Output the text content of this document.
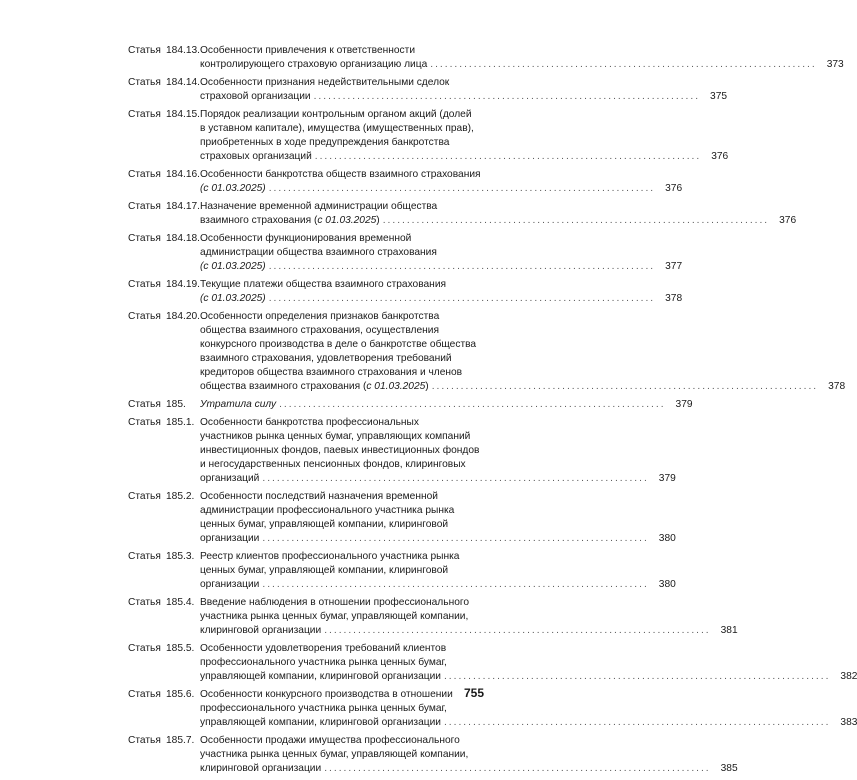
Статья 184.13. Особенности привлечения к ответственности
контролирующего страховую организацию лица ................................................................................ 373
Статья 184.14. Особенности признания недействительными сделок
страховой организации ................................................................................ 375
Статья 184.15. Порядок реализации контрольным органом акций (долей
в уставном капитале), имущества (имущественных прав),
приобретенных в ходе предупреждения банкротства
страховых организаций ................................................................................ 376
Статья 184.16. Особенности банкротства обществ взаимного страхования
(с 01.03.2025) ................................................................................ 376
Статья 184.17. Назначение временной администрации общества
взаимного страхования (с 01.03.2025) ................................................................................ 376
Статья 184.18. Особенности функционирования временной
администрации общества взаимного страхования
(с 01.03.2025) ................................................................................ 377
Статья 184.19. Текущие платежи общества взаимного страхования
(с 01.03.2025) ................................................................................ 378
Статья 184.20. Особенности определения признаков банкротства
общества взаимного страхования, осуществления
конкурсного производства в деле о банкротстве общества
взаимного страхования, удовлетворения требований
кредиторов общества взаимного страхования и членов
общества взаимного страхования (с 01.03.2025) ................................................................................ 378
Статья 185.	Утратила силу ................................................................................ 379
Статья 185.1. Особенности банкротства профессиональных
участников рынка ценных бумаг, управляющих компаний
инвестиционных фондов, паевых инвестиционных фондов
и негосударственных пенсионных фондов, клиринговых
организаций ................................................................................ 379
Статья 185.2. Особенности последствий назначения временной
администрации профессионального участника рынка
ценных бумаг, управляющей компании, клиринговой
организации ................................................................................ 380
Статья 185.3. Реестр клиентов профессионального участника рынка
ценных бумаг, управляющей компании, клиринговой
организации ................................................................................ 380
Статья 185.4. Введение наблюдения в отношении профессионального
участника рынка ценных бумаг, управляющей компании,
клиринговой организации ................................................................................ 381
Статья 185.5. Особенности удовлетворения требований клиентов
профессионального участника рынка ценных бумаг,
управляющей компании, клиринговой организации ................................................................................ 382
Статья 185.6. Особенности конкурсного производства в отношении
профессионального участника рынка ценных бумаг,
управляющей компании, клиринговой организации ................................................................................ 383
Статья 185.7. Особенности продажи имущества профессионального
участника рынка ценных бумаг, управляющей компании,
клиринговой организации ................................................................................ 385
755
